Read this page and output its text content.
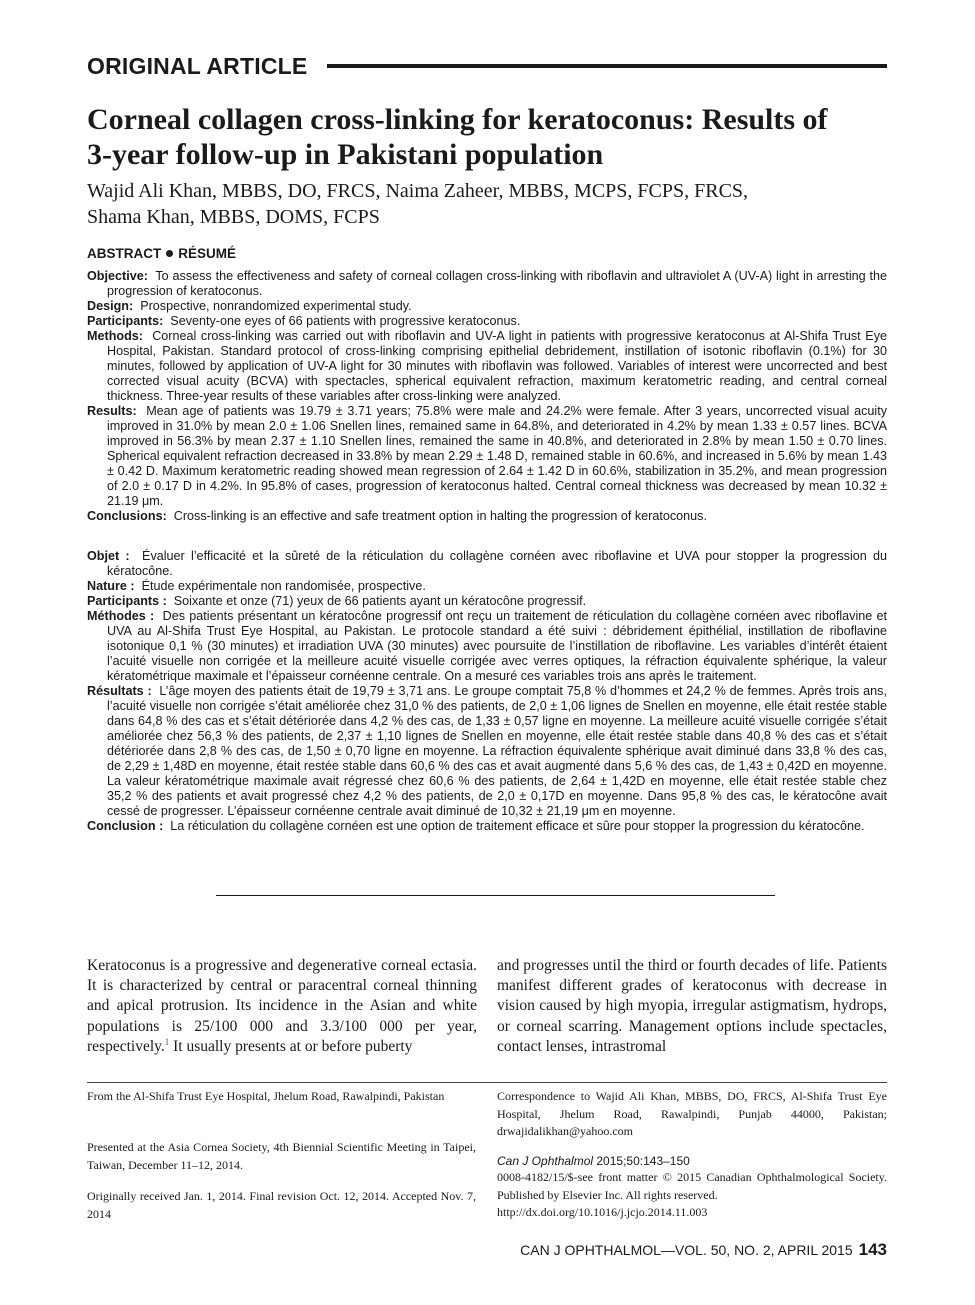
ORIGINAL ARTICLE
Corneal collagen cross-linking for keratoconus: Results of
3-year follow-up in Pakistani population
Wajid Ali Khan, MBBS, DO, FRCS, Naima Zaheer, MBBS, MCPS, FCPS, FRCS,
Shama Khan, MBBS, DOMS, FCPS
ABSTRACT RÉSUMÉ

Objective: To assess the effectiveness and safety of corneal collagen cross-linking with riboflavin and ultraviolet A (UV-A) light in arresting the progression of keratoconus.

Design: Prospective, nonrandomized experimental study.

Participants: Seventy-one eyes of 66 patients with progressive keratoconus.

Methods: Corneal cross-linking was carried out with riboflavin and UV-A light in patients with progressive keratoconus at Al-Shifa Trust Eye Hospital, Pakistan. Standard protocol of cross-linking comprising epithelial debridement, instillation of isotonic riboflavin (0.1%) for 30 minutes, followed by application of UV-A light for 30 minutes with riboflavin was followed. Variables of interest were uncorrected and best corrected visual acuity (BCVA) with spectacles, spherical equivalent refraction, maximum keratometric reading, and central corneal thickness. Three-year results of these variables after cross-linking were analyzed.

Results: Mean age of patients was 19.79 ± 3.71 years; 75.8% were male and 24.2% were female. After 3 years, uncorrected visual acuity improved in 31.0% by mean 2.0 ± 1.06 Snellen lines, remained same in 64.8%, and deteriorated in 4.2% by mean 1.33 ± 0.57 lines. BCVA improved in 56.3% by mean 2.37 ± 1.10 Snellen lines, remained the same in 40.8%, and deteriorated in 2.8% by mean 1.50 ± 0.70 lines. Spherical equivalent refraction decreased in 33.8% by mean 2.29 ± 1.48 D, remained stable in 60.6%, and increased in 5.6% by mean 1.43 ± 0.42 D. Maximum keratometric reading showed mean regression of 2.64 ± 1.42 D in 60.6%, stabilization in 35.2%, and mean progression of 2.0 ± 0.17 D in 4.2%. In 95.8% of cases, progression of keratoconus halted. Central corneal thickness was decreased by mean 10.32 ± 21.19 μm.

Conclusions: Cross-linking is an effective and safe treatment option in halting the progression of keratoconus.

Objet : Évaluer l’efficacité et la sûreté de la réticulation du collagène cornéen avec riboflavine et UVA pour stopper la progression du kératocône.

Nature : Étude expérimentale non randomisée, prospective.

Participants : Soixante et onze (71) yeux de 66 patients ayant un kératocône progressif.

Méthodes : Des patients présentant un kératocône progressif ont reçu un traitement de réticulation du collagène cornéen avec riboflavine et UVA au Al-Shifa Trust Eye Hospital, au Pakistan. Le protocole standard a été suivi : débridement épithélial, instillation de riboflavine isotonique 0,1 % (30 minutes) et irradiation UVA (30 minutes) avec poursuite de l’instillation de riboflavine. Les variables d’intérêt étaient l’acuité visuelle non corrigée et la meilleure acuité visuelle corrigée avec verres optiques, la réfraction équivalente sphérique, la valeur kératométrique maximale et l’épaisseur cornéenne centrale. On a mesuré ces variables trois ans après le traitement.

Résultats : L’âge moyen des patients était de 19,79 ± 3,71 ans. Le groupe comptait 75,8 % d’hommes et 24,2 % de femmes. Après trois ans, l’acuité visuelle non corrigée s’était améliorée chez 31,0 % des patients, de 2,0 ± 1,06 lignes de Snellen en moyenne, elle était restée stable dans 64,8 % des cas et s’était détériorée dans 4,2 % des cas, de 1,33 ± 0,57 ligne en moyenne. La meilleure acuité visuelle corrigée s’était améliorée chez 56,3 % des patients, de 2,37 ± 1,10 lignes de Snellen en moyenne, elle était restée stable dans 40,8 % des cas et s’était détériorée dans 2,8 % des cas, de 1,50 ± 0,70 ligne en moyenne. La réfraction équivalente sphérique avait diminué dans 33,8 % des cas, de 2,29 ± 1,48D en moyenne, était restée stable dans 60,6 % des cas et avait augmenté dans 5,6 % des cas, de 1,43 ± 0,42D en moyenne. La valeur kératométrique maximale avait régressé chez 60,6 % des patients, de 2,64 ± 1,42D en moyenne, elle était restée stable chez 35,2 % des patients et avait progressé chez 4,2 % des patients, de 2,0 ± 0,17D en moyenne. Dans 95,8 % des cas, le kératocône avait cessé de progresser. L’épaisseur cornéenne centrale avait diminué de 10,32 ± 21,19 μm en moyenne.

Conclusion : La réticulation du collagène cornéen est une option de traitement efficace et sûre pour stopper la progression du kératocône.

Keratoconus is a progressive and degenerative corneal ectasia. It is characterized by central or paracentral corneal thinning and apical protrusion. Its incidence in the Asian and white populations is 25/100 000 and 3.3/100 000 per year, respectively.$^1$ It usually presents at or before puberty

and progresses until the third or fourth decades of life. Patients manifest different grades of keratoconus with decrease in vision caused by high myopia, irregular astigmatism, hydrops, or corneal scarring. Management options include spectacles, contact lenses, intrastromal

From the Al-Shifa Trust Eye Hospital, Jhelum Road, Rawalpindi, Pakistan

Presented at the Asia Cornea Society, 4th Biennial Scientific Meeting in Taipei, Taiwan, December 11–12, 2014.

Originally received Jan. 1, 2014. Final revision Oct. 12, 2014. Accepted Nov. 7, 2014

Correspondence to Wajid Ali Khan, MBBS, DO, FRCS, Al-Shifa Trust Eye Hospital, Jhelum Road, Rawalpindi, Punjab 44000, Pakistan; drwajidalikhan@yahoo.com

Can J Ophthalmol 2015;50:143–150

0008-4182/15/$-see front matter © 2015 Canadian Ophthalmological Society. Published by Elsevier Inc. All rights reserved.
http://dx.doi.org/10.1016/j.jcjo.2014.11.003

CAN J OPHTHALMOL—VOL. 50, NO. 2, APRIL 2015 143
